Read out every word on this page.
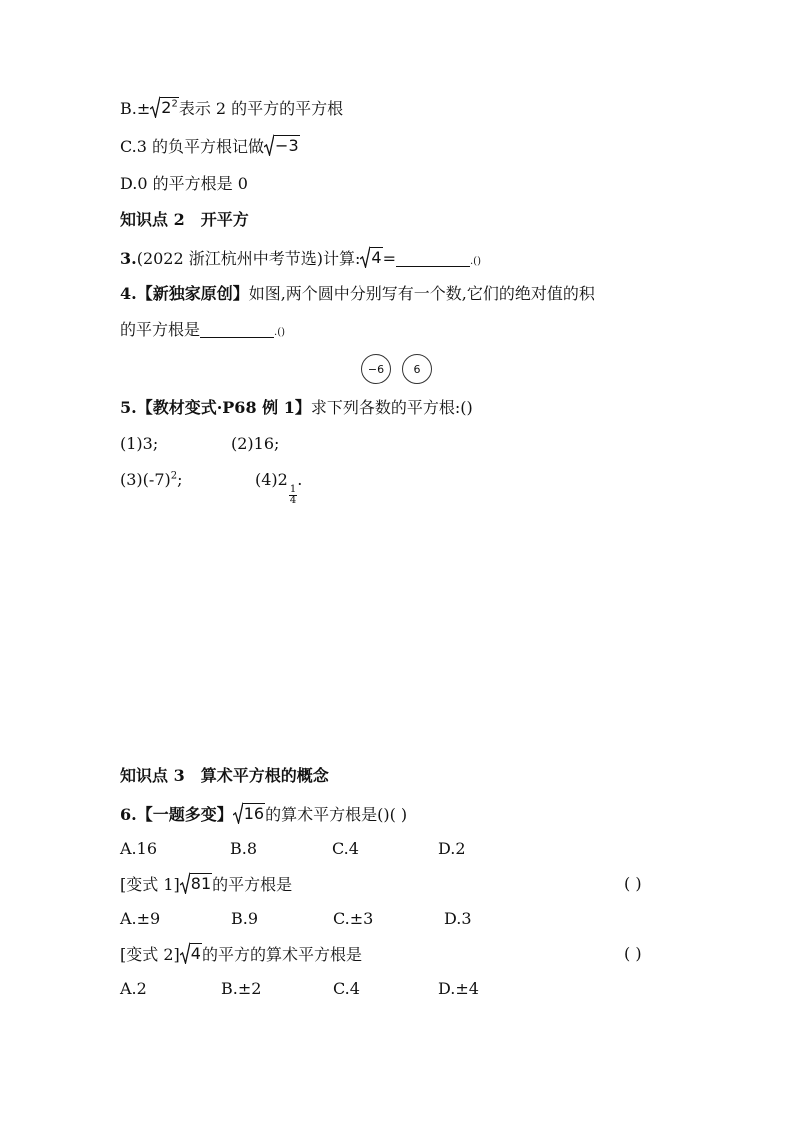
$B.\pm 2^2$ 表示 2 的平方的平方根
C.3 的负平方根记做 −3
D.0 的平方根是 0
知识点 2 开平方
3.(2022 浙江杭州中考节选)计算: 4 =	.()
4.【新独家原创】如图,两个圆中分别写有一个数,它们的绝对值的积
的平方根是	.()
−6	6
5.【教材变式·P68 例 1】求下列各数的平方根:()
(1)3;	(2)16;
$(3)(-7)^2$;	(4)2
$\frac{1}{4}$
.
知识点 3 算术平方根的概念
6.【一题多变】 16 的算术平方根是()( )
A.16	B.8	C.4	D.2
[变式 1] 81 的平方根是	( )
A.±9	B.9	C.±3	D.3
[变式 2] 4 的平方的算术平方根是	( )
A.2	B.±2	C.4	D.±4
